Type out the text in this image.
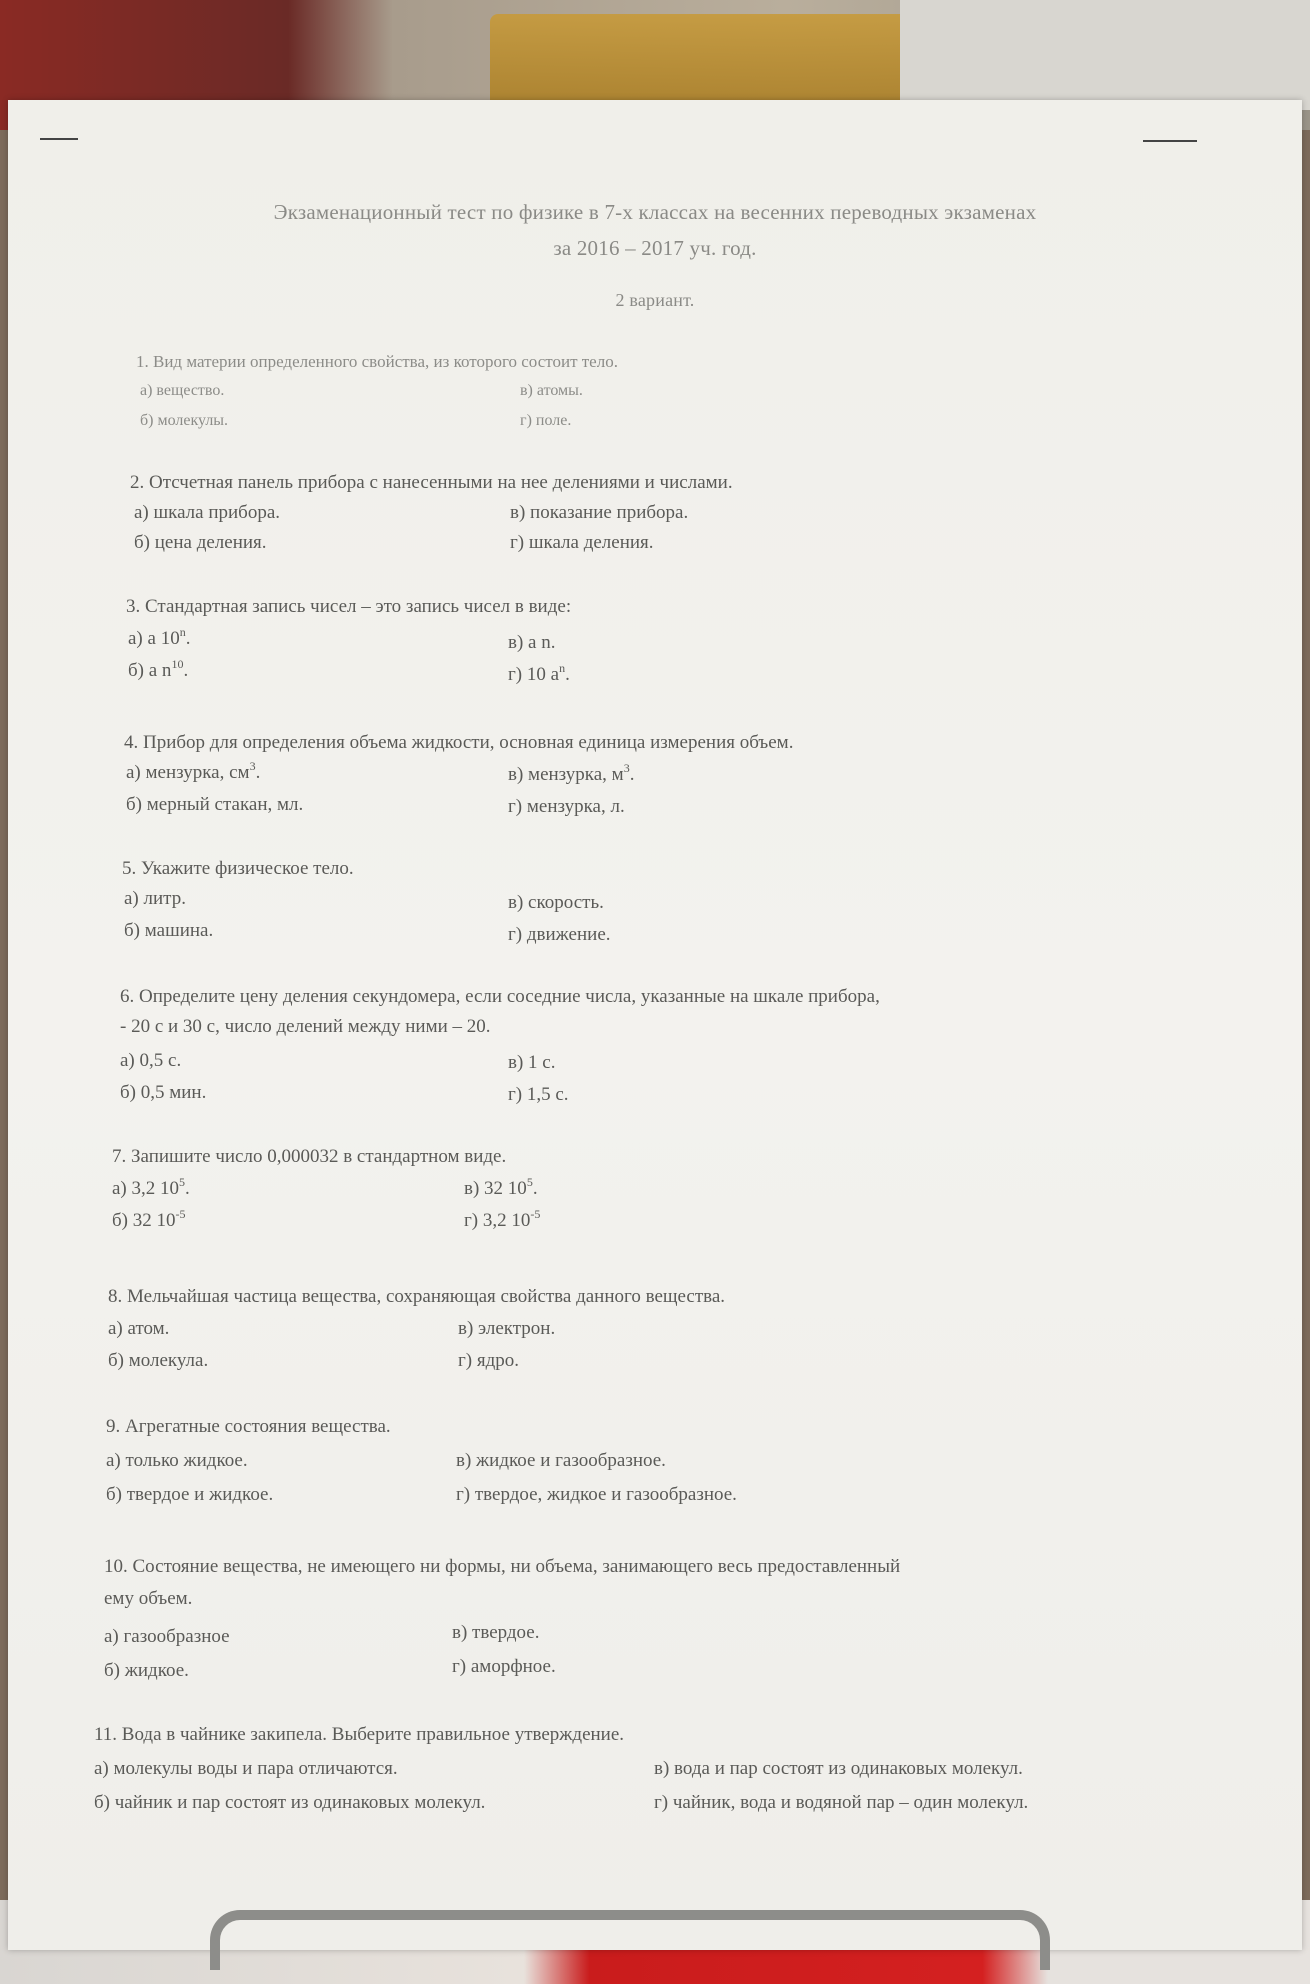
Экзаменационный тест по физике в 7-х классах на весенних переводных экзаменах
за 2016 – 2017 уч. год.
2 вариант.
1. Вид материи определенного свойства, из которого состоит тело.
а) вещество.
б) молекулы.
в) атомы.
г) поле.
2. Отсчетная панель прибора с нанесенными на нее делениями и числами.
а) шкала прибора.
б) цена деления.
в) показание прибора.
г) шкала деления.
3. Стандартная запись чисел – это запись чисел в виде:
а) a 10$^n$.
б) a $n^{10}$.
в) a n.
г) 10 $a^n$.
4. Прибор для определения объема жидкости, основная единица измерения объем.
а) мензурка, $см^3$.
б) мерный стакан, мл.
в) мензурка, $м^3$.
г) мензурка, л.
5. Укажите физическое тело.
а) литр.
б) машина.
в) скорость.
г) движение.
6. Определите цену деления секундомера, если соседние числа, указанные на шкале прибора,
- 20 с и 30 с, число делений между ними – 20.
а) 0,5 с.
б) 0,5 мин.
в) 1 с.
г) 1,5 с.
7. Запишите число 0,000032 в стандартном виде.
а) 3,2 $10^5$.
б) 32 $10^{-5}$
в) 32 $10^5$.
г) 3,2 $10^{-5}$
8. Мельчайшая частица вещества, сохраняющая свойства данного вещества.
а) атом.
б) молекула.
в) электрон.
г) ядро.
9. Агрегатные состояния вещества.
а) только жидкое.
б) твердое и жидкое.
в) жидкое и газообразное.
г) твердое, жидкое и газообразное.
10. Состояние вещества, не имеющего ни формы, ни объема, занимающего весь предоставленный
ему объем.
а) газообразное
б) жидкое.
в) твердое.
г) аморфное.
11. Вода в чайнике закипела. Выберите правильное утверждение.
а) молекулы воды и пара отличаются.
б) чайник и пар состоят из одинаковых молекул.
в) вода и пар состоят из одинаковых молекул.
г) чайник, вода и водяной пар – один молекул.
